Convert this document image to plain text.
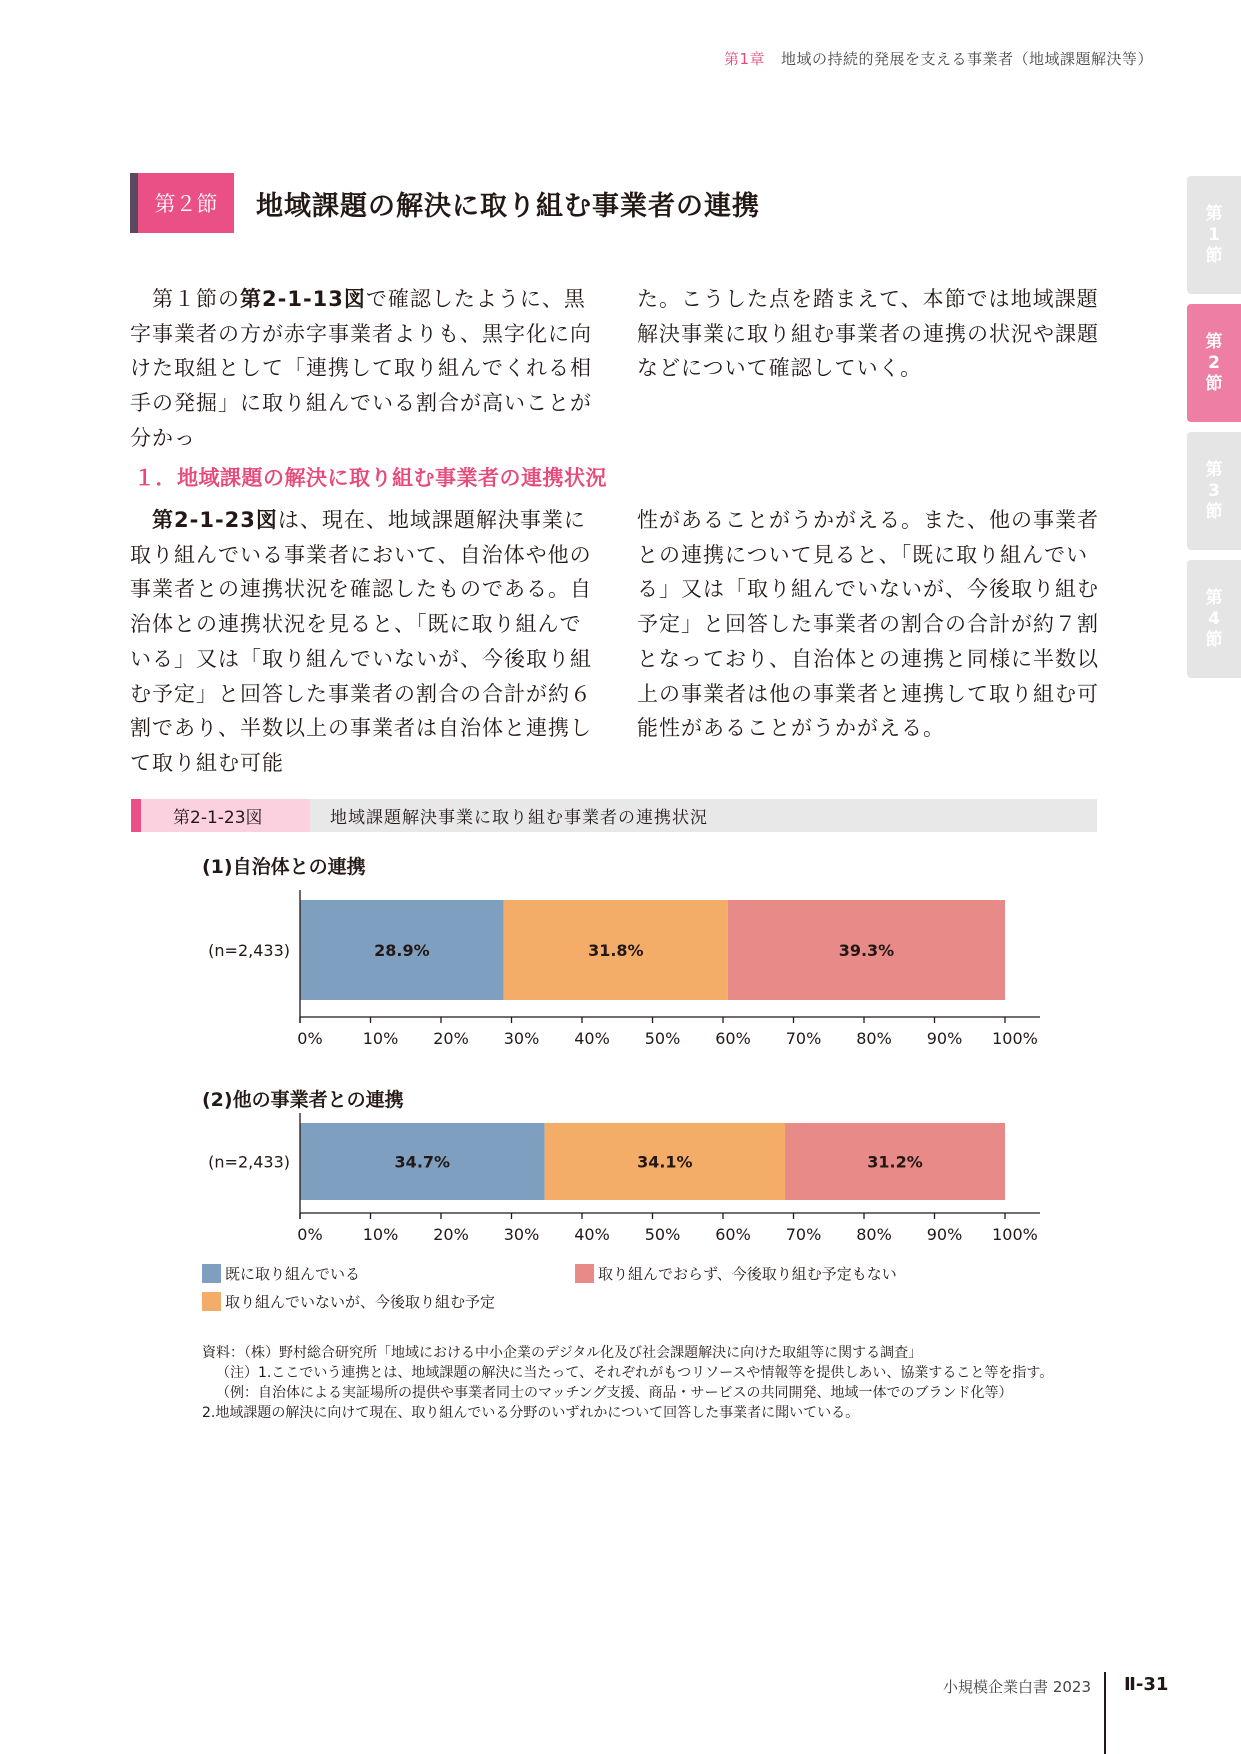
第1章 地域の持続的発展を支える事業者（地域課題解決等）
第２節	地域課題の解決に取り組む事業者の連携	第
1
節
第
2
節
第
3
節
第
4
節
　第１節の第2-1-13図で確認したように、黒字事業者の方が赤字事業者よりも、黒字化に向けた取組として「連携して取り組んでくれる相手の発掘」に取り組んでいる割合が高いことが分かっ
た。こうした点を踏まえて、本節では地域課題解決事業に取り組む事業者の連携の状況や課題などについて確認していく。
１．地域課題の解決に取り組む事業者の連携状況
　第2-1-23図は、現在、地域課題解決事業に取り組んでいる事業者において、自治体や他の事業者との連携状況を確認したものである。自治体との連携状況を見ると、「既に取り組んでいる」又は「取り組んでいないが、今後取り組む予定」と回答した事業者の割合の合計が約６割であり、半数以上の事業者は自治体と連携して取り組む可能
性があることがうかがえる。また、他の事業者との連携について見ると、「既に取り組んでいる」又は「取り組んでいないが、今後取り組む予定」と回答した事業者の割合の合計が約７割となっており、自治体との連携と同様に半数以上の事業者は他の事業者と連携して取り組む可能性があることがうかがえる。
第2-1-23図	地域課題解決事業に取り組む事業者の連携状況
(1)自治体との連携
(n=2,433)	28.9%	31.8%	39.3%
0%	10% 20% 30% 40% 50% 60% 70% 80% 90% 100%
(2)他の事業者との連携
(n=2,433)	34.7%	34.1%	31.2%
0%	10% 20% 30% 40% 50% 60% 70% 80% 90% 100%
既に取り組んでいる
取り組んでいないが、今後取り組む予定
取り組んでおらず、今後取り組む予定もない
資料：（株）野村総合研究所「地域における中小企業のデジタル化及び社会課題解決に向けた取組等に関する調査」
（注）1.ここでいう連携とは、地域課題の解決に当たって、それぞれがもつリソースや情報等を提供しあい、協業すること等を指す。
（例：自治体による実証場所の提供や事業者同士のマッチング支援、商品・サービスの共同開発、地域一体でのブランド化等）
2.地域課題の解決に向けて現在、取り組んでいる分野のいずれかについて回答した事業者に聞いている。
小規模企業白書 2023 Ⅱ-31
